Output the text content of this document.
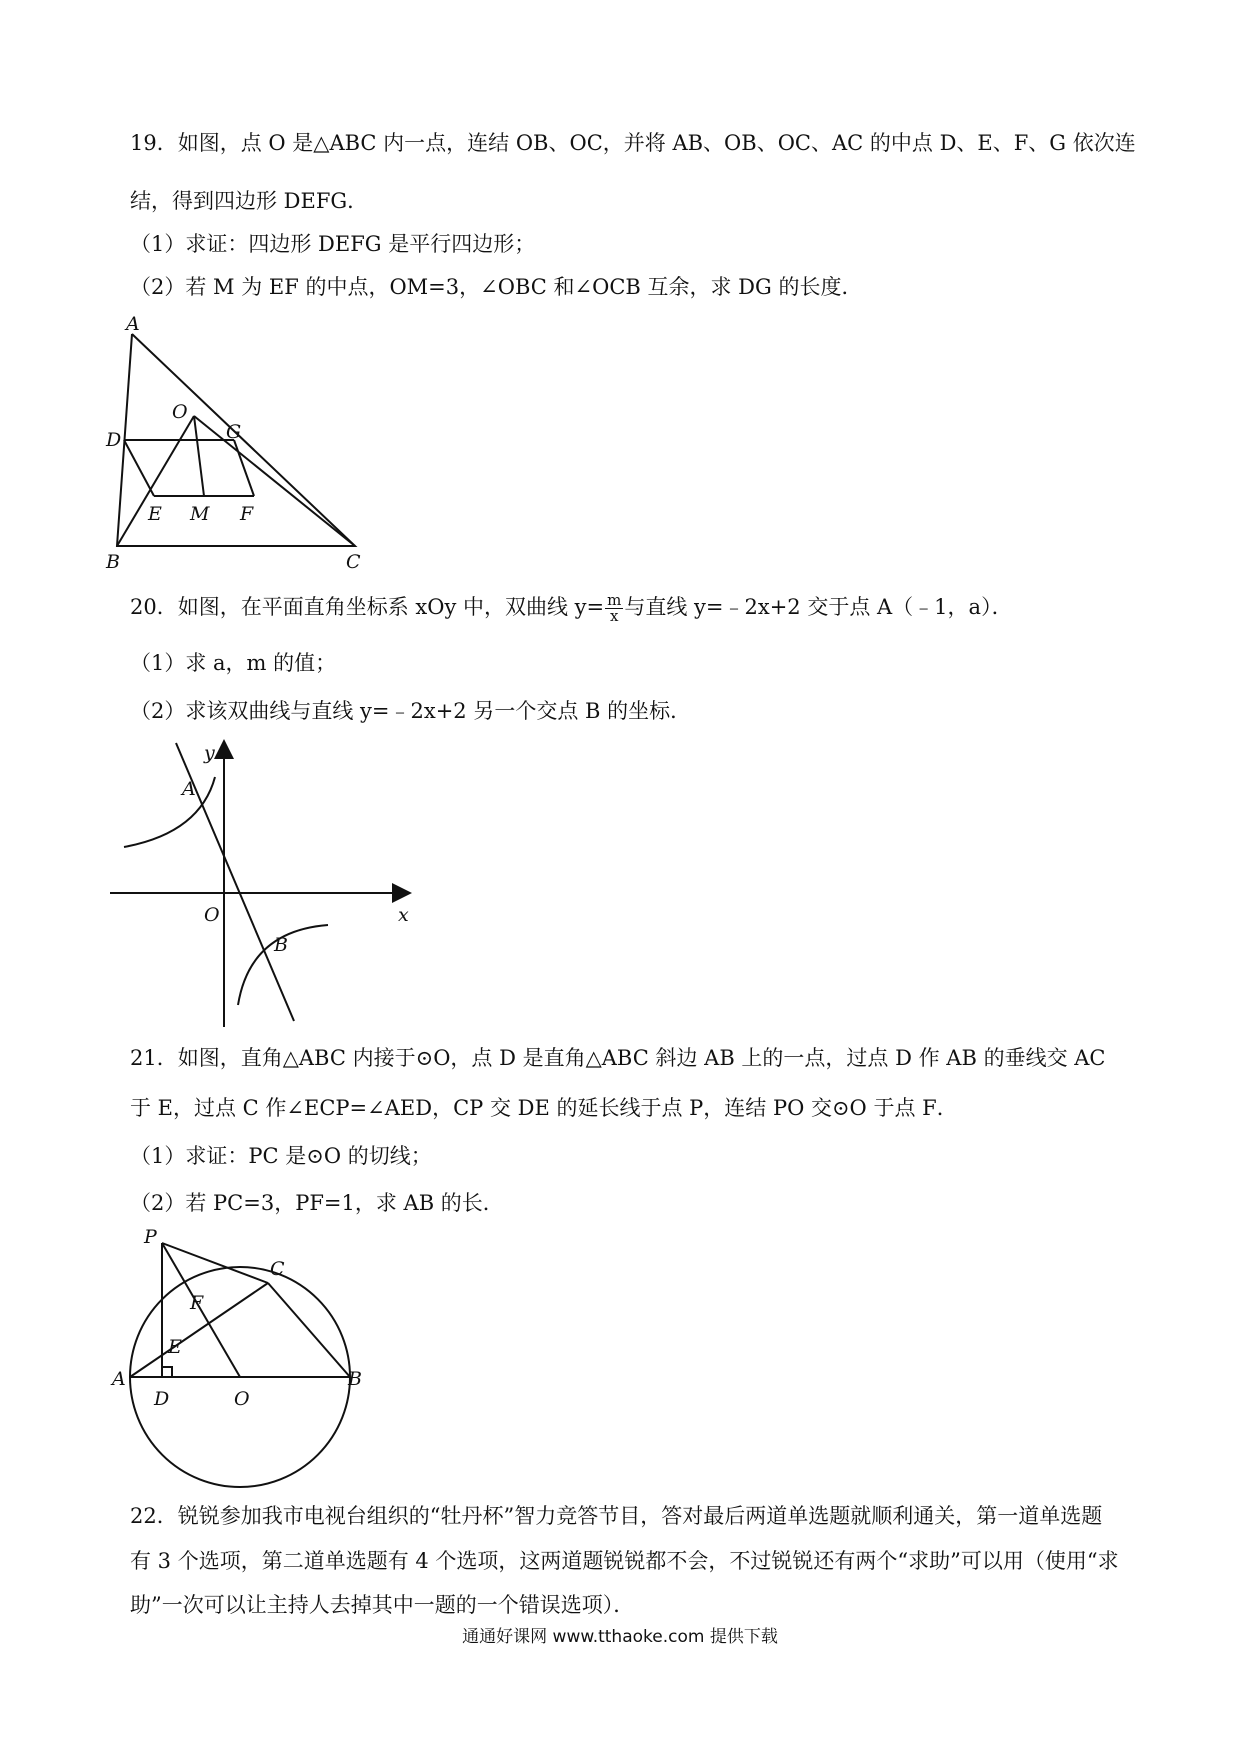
19．如图，点 O 是△ABC 内一点，连结 OB、OC，并将 AB、OB、OC、AC 的中点 D、E、F、G 依次连
结，得到四边形 DEFG．
（1）求证：四边形 DEFG 是平行四边形；
（2）若 M 为 EF 的中点，OM=3，∠OBC 和∠OCB 互余，求 DG 的长度．
A
D	G
O
E M F
B	C
20．如图，在平面直角坐标系 xOy 中，双曲线 $y= \frac{m}{x}$ 与直线 y=﹣2x+2 交于点 A（﹣1，a）．
（1）求 a，m 的值；
（2）求该双曲线与直线 y=﹣2x+2 另一个交点 B 的坐标．
y
x
O
A
B
21．如图，直角△ABC 内接于⊙O，点 D 是直角△ABC 斜边 AB 上的一点，过点 D 作 AB 的垂线交 AC
于 E，过点 C 作∠ECP=∠AED，CP 交 DE 的延长线于点 P，连结 PO 交⊙O 于点 F．
（1）求证：PC 是⊙O 的切线；
（2）若 PC=3，PF=1，求 AB 的长．
P
C
F
E
A
D	O
B
22．锐锐参加我市电视台组织的“牡丹杯”智力竞答节目，答对最后两道单选题就顺利通关，第一道单选题
有 3 个选项，第二道单选题有 4 个选项，这两道题锐锐都不会，不过锐锐还有两个“求助”可以用（使用“求
助”一次可以让主持人去掉其中一题的一个错误选项）．
通通好课网 www.tthaoke.com 提供下载
